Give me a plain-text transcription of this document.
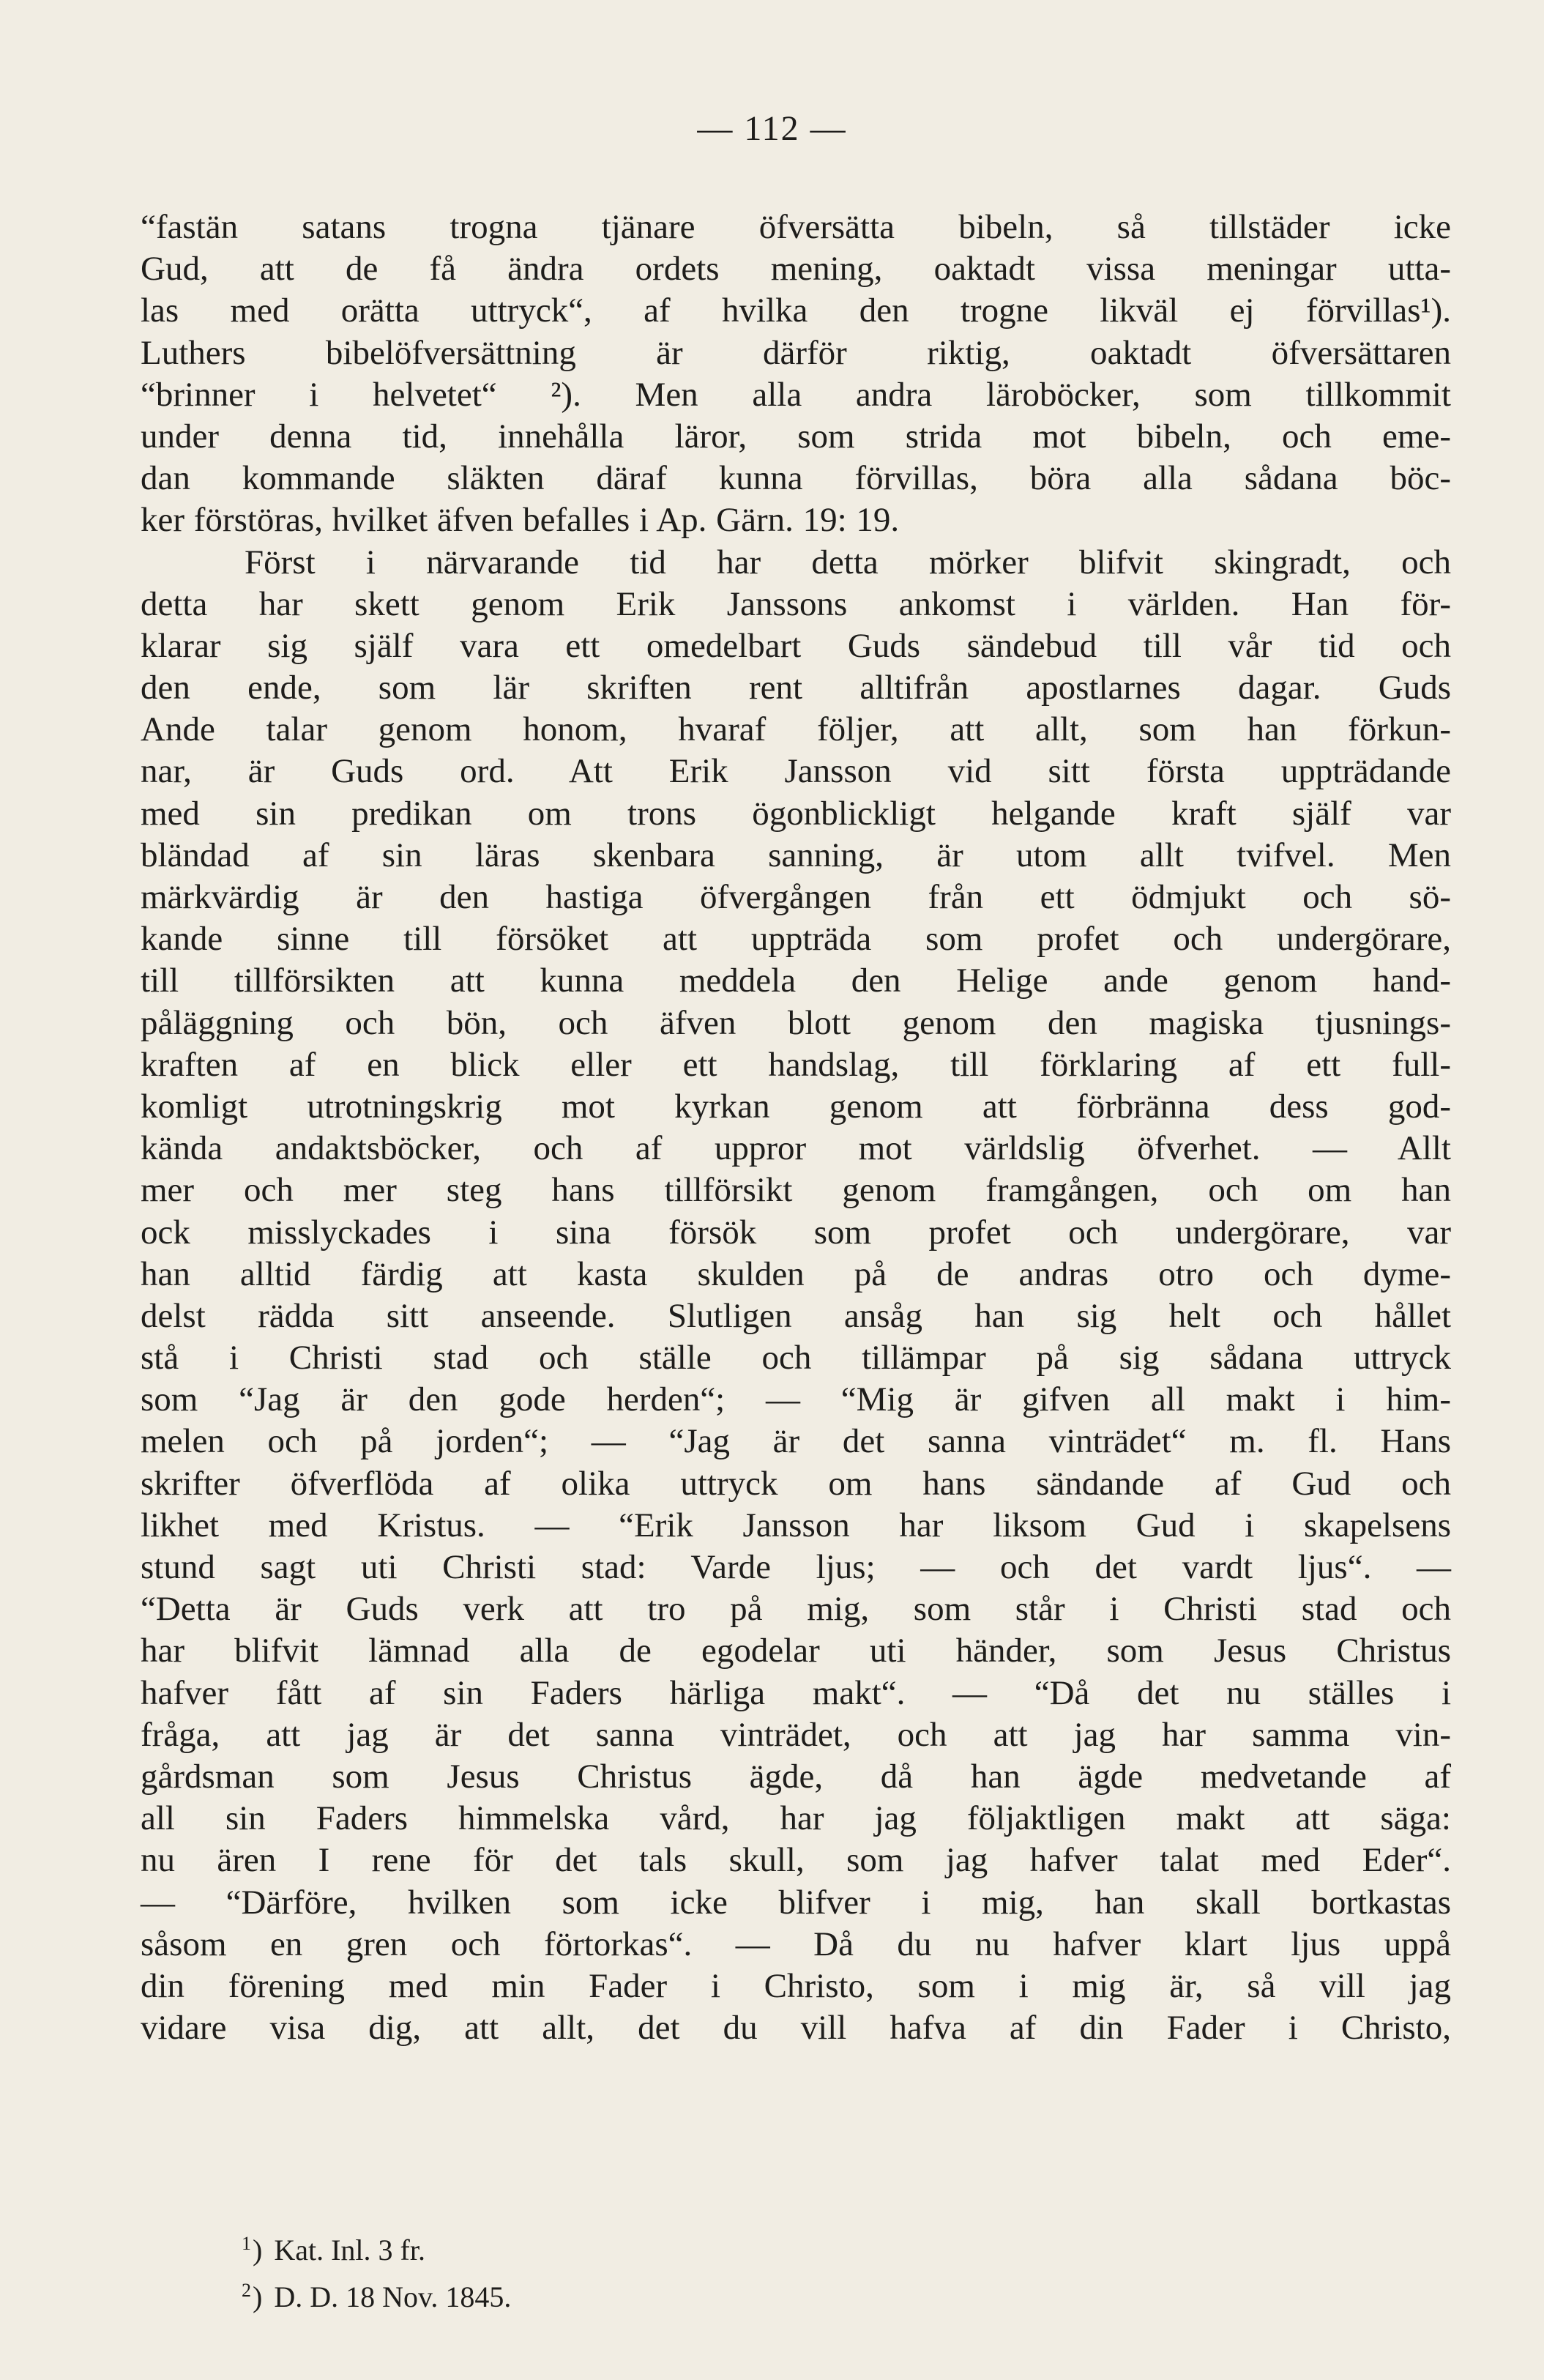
— 112 —
“fastän satans trogna tjänare öfversätta bibeln, så tillstäder icke
Gud, att de få ändra ordets mening, oaktadt vissa meningar utta-
las med orätta uttryck“, af hvilka den trogne likväl ej förvillas¹).
Luthers bibelöfversättning är därför riktig, oaktadt öfversättaren
“brinner i helvetet“ ²). Men alla andra läroböcker, som tillkommit
under denna tid, innehålla läror, som strida mot bibeln, och eme-
dan kommande släkten däraf kunna förvillas, böra alla sådana böc-
ker förstöras, hvilket äfven befalles i Ap. Gärn. 19: 19.
Först i närvarande tid har detta mörker blifvit skingradt, och
detta har skett genom Erik Janssons ankomst i världen. Han för-
klarar sig själf vara ett omedelbart Guds sändebud till vår tid och
den ende, som lär skriften rent alltifrån apostlarnes dagar. Guds
Ande talar genom honom, hvaraf följer, att allt, som han förkun-
nar, är Guds ord. Att Erik Jansson vid sitt första uppträdande
med sin predikan om trons ögonblickligt helgande kraft själf var
bländad af sin läras skenbara sanning, är utom allt tvifvel. Men
märkvärdig är den hastiga öfvergången från ett ödmjukt och sö-
kande sinne till försöket att uppträda som profet och undergörare,
till tillförsikten att kunna meddela den Helige ande genom hand-
påläggning och bön, och äfven blott genom den magiska tjusnings-
kraften af en blick eller ett handslag, till förklaring af ett full-
komligt utrotningskrig mot kyrkan genom att förbränna dess god-
kända andaktsböcker, och af uppror mot världslig öfverhet. — Allt
mer och mer steg hans tillförsikt genom framgången, och om han
ock misslyckades i sina försök som profet och undergörare, var
han alltid färdig att kasta skulden på de andras otro och dyme-
delst rädda sitt anseende. Slutligen ansåg han sig helt och hållet
stå i Christi stad och ställe och tillämpar på sig sådana uttryck
som “Jag är den gode herden“; — “Mig är gifven all makt i him-
melen och på jorden“; — “Jag är det sanna vinträdet“ m. fl. Hans
skrifter öfverflöda af olika uttryck om hans sändande af Gud och
likhet med Kristus. — “Erik Jansson har liksom Gud i skapelsens
stund sagt uti Christi stad: Varde ljus; — och det vardt ljus“. —
“Detta är Guds verk att tro på mig, som står i Christi stad och
har blifvit lämnad alla de egodelar uti händer, som Jesus Christus
hafver fått af sin Faders härliga makt“. — “Då det nu ställes i
fråga, att jag är det sanna vinträdet, och att jag har samma vin-
gårdsman som Jesus Christus ägde, då han ägde medvetande af
all sin Faders himmelska vård, har jag följaktligen makt att säga:
nu ären I rene för det tals skull, som jag hafver talat med Eder“.
— “Därföre, hvilken som icke blifver i mig, han skall bortkastas
såsom en gren och förtorkas“. — Då du nu hafver klart ljus uppå
din förening med min Fader i Christo, som i mig är, så vill jag
vidare visa dig, att allt, det du vill hafva af din Fader i Christo,
$^1$) Kat. Inl. 3 fr.
$^2$) D. D. 18 Nov. 1845.
